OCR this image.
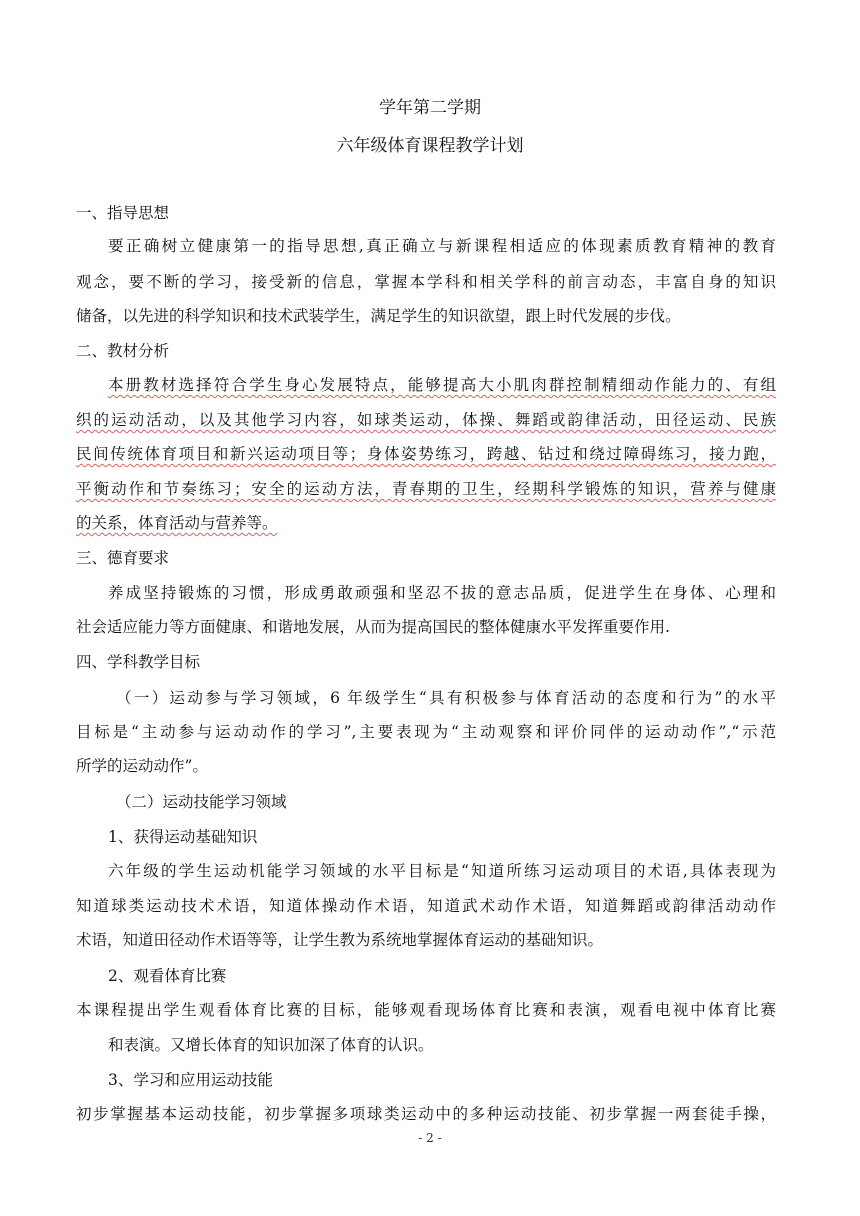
学年第二学期
六年级体育课程教学计划
一、指导思想
要正确树立健康第一的指导思想,真正确立与新课程相适应的体现素质教育精神的教育
观念，要不断的学习，接受新的信息，掌握本学科和相关学科的前言动态，丰富自身的知识
储备，以先进的科学知识和技术武装学生，满足学生的知识欲望，跟上时代发展的步伐。
二、教材分析
本册教材选择符合学生身心发展特点，能够提高大小肌肉群控制精细动作能力的、有组
织的运动活动，以及其他学习内容，如球类运动，体操、舞蹈或韵律活动，田径运动、民族
民间传统体育项目和新兴运动项目等；身体姿势练习，跨越、钻过和绕过障碍练习，接力跑，
平衡动作和节奏练习；安全的运动方法，青春期的卫生，经期科学锻炼的知识，营养与健康
的关系，体育活动与营养等。
三、德育要求
养成坚持锻炼的习惯，形成勇敢顽强和坚忍不拔的意志品质，促进学生在身体、心理和
社会适应能力等方面健康、和谐地发展，从而为提高国民的整体健康水平发挥重要作用.
四、学科教学目标
（一）运动参与学习领域，6 年级学生“具有积极参与体育活动的态度和行为”的水平
目标是“主动参与运动动作的学习”,主要表现为“主动观察和评价同伴的运动动作”,“示范
所学的运动动作”。
（二）运动技能学习领域
1、获得运动基础知识
六年级的学生运动机能学习领域的水平目标是“知道所练习运动项目的术语,具体表现为
知道球类运动技术术语，知道体操动作术语，知道武术动作术语，知道舞蹈或韵律活动动作
术语，知道田径动作术语等等，让学生教为系统地掌握体育运动的基础知识。
2、观看体育比赛
本课程提出学生观看体育比赛的目标，能够观看现场体育比赛和表演，观看电视中体育比赛
和表演。又增长体育的知识加深了体育的认识。
3、学习和应用运动技能
初步掌握基本运动技能，初步掌握多项球类运动中的多种运动技能、初步掌握一两套徒手操，
- 2 -
